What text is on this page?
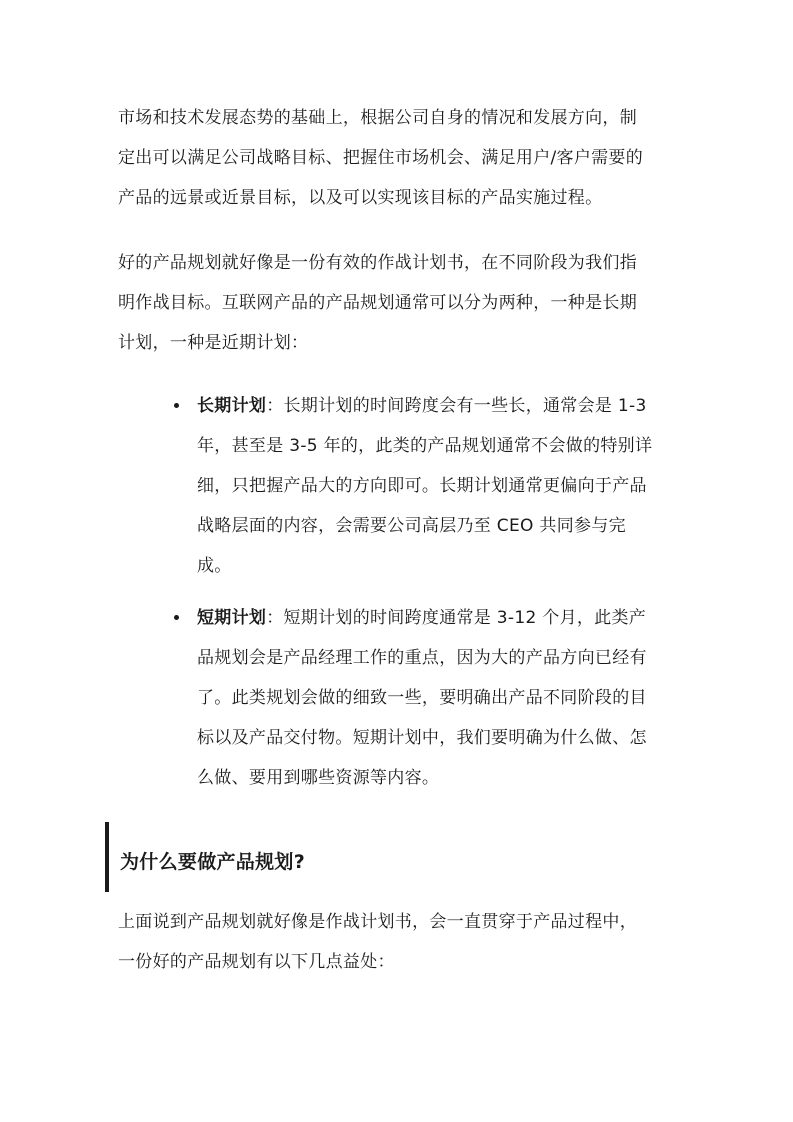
市场和技术发展态势的基础上，根据公司自身的情况和发展方向，制
定出可以满足公司战略目标、把握住市场机会、满足用户/客户需要的
产品的远景或近景目标，以及可以实现该目标的产品实施过程。

好的产品规划就好像是一份有效的作战计划书，在不同阶段为我们指
明作战目标。互联网产品的产品规划通常可以分为两种，一种是长期
计划，一种是近期计划：

长期计划：长期计划的时间跨度会有一些长，通常会是 1-3
年，甚至是 3-5 年的，此类的产品规划通常不会做的特别详
细，只把握产品大的方向即可。长期计划通常更偏向于产品
战略层面的内容，会需要公司高层乃至 CEO 共同参与完
成。
短期计划：短期计划的时间跨度通常是 3-12 个月，此类产
品规划会是产品经理工作的重点，因为大的产品方向已经有
了。此类规划会做的细致一些，要明确出产品不同阶段的目
标以及产品交付物。短期计划中，我们要明确为什么做、怎
么做、要用到哪些资源等内容。
为什么要做产品规划?

上面说到产品规划就好像是作战计划书，会一直贯穿于产品过程中，
一份好的产品规划有以下几点益处：
